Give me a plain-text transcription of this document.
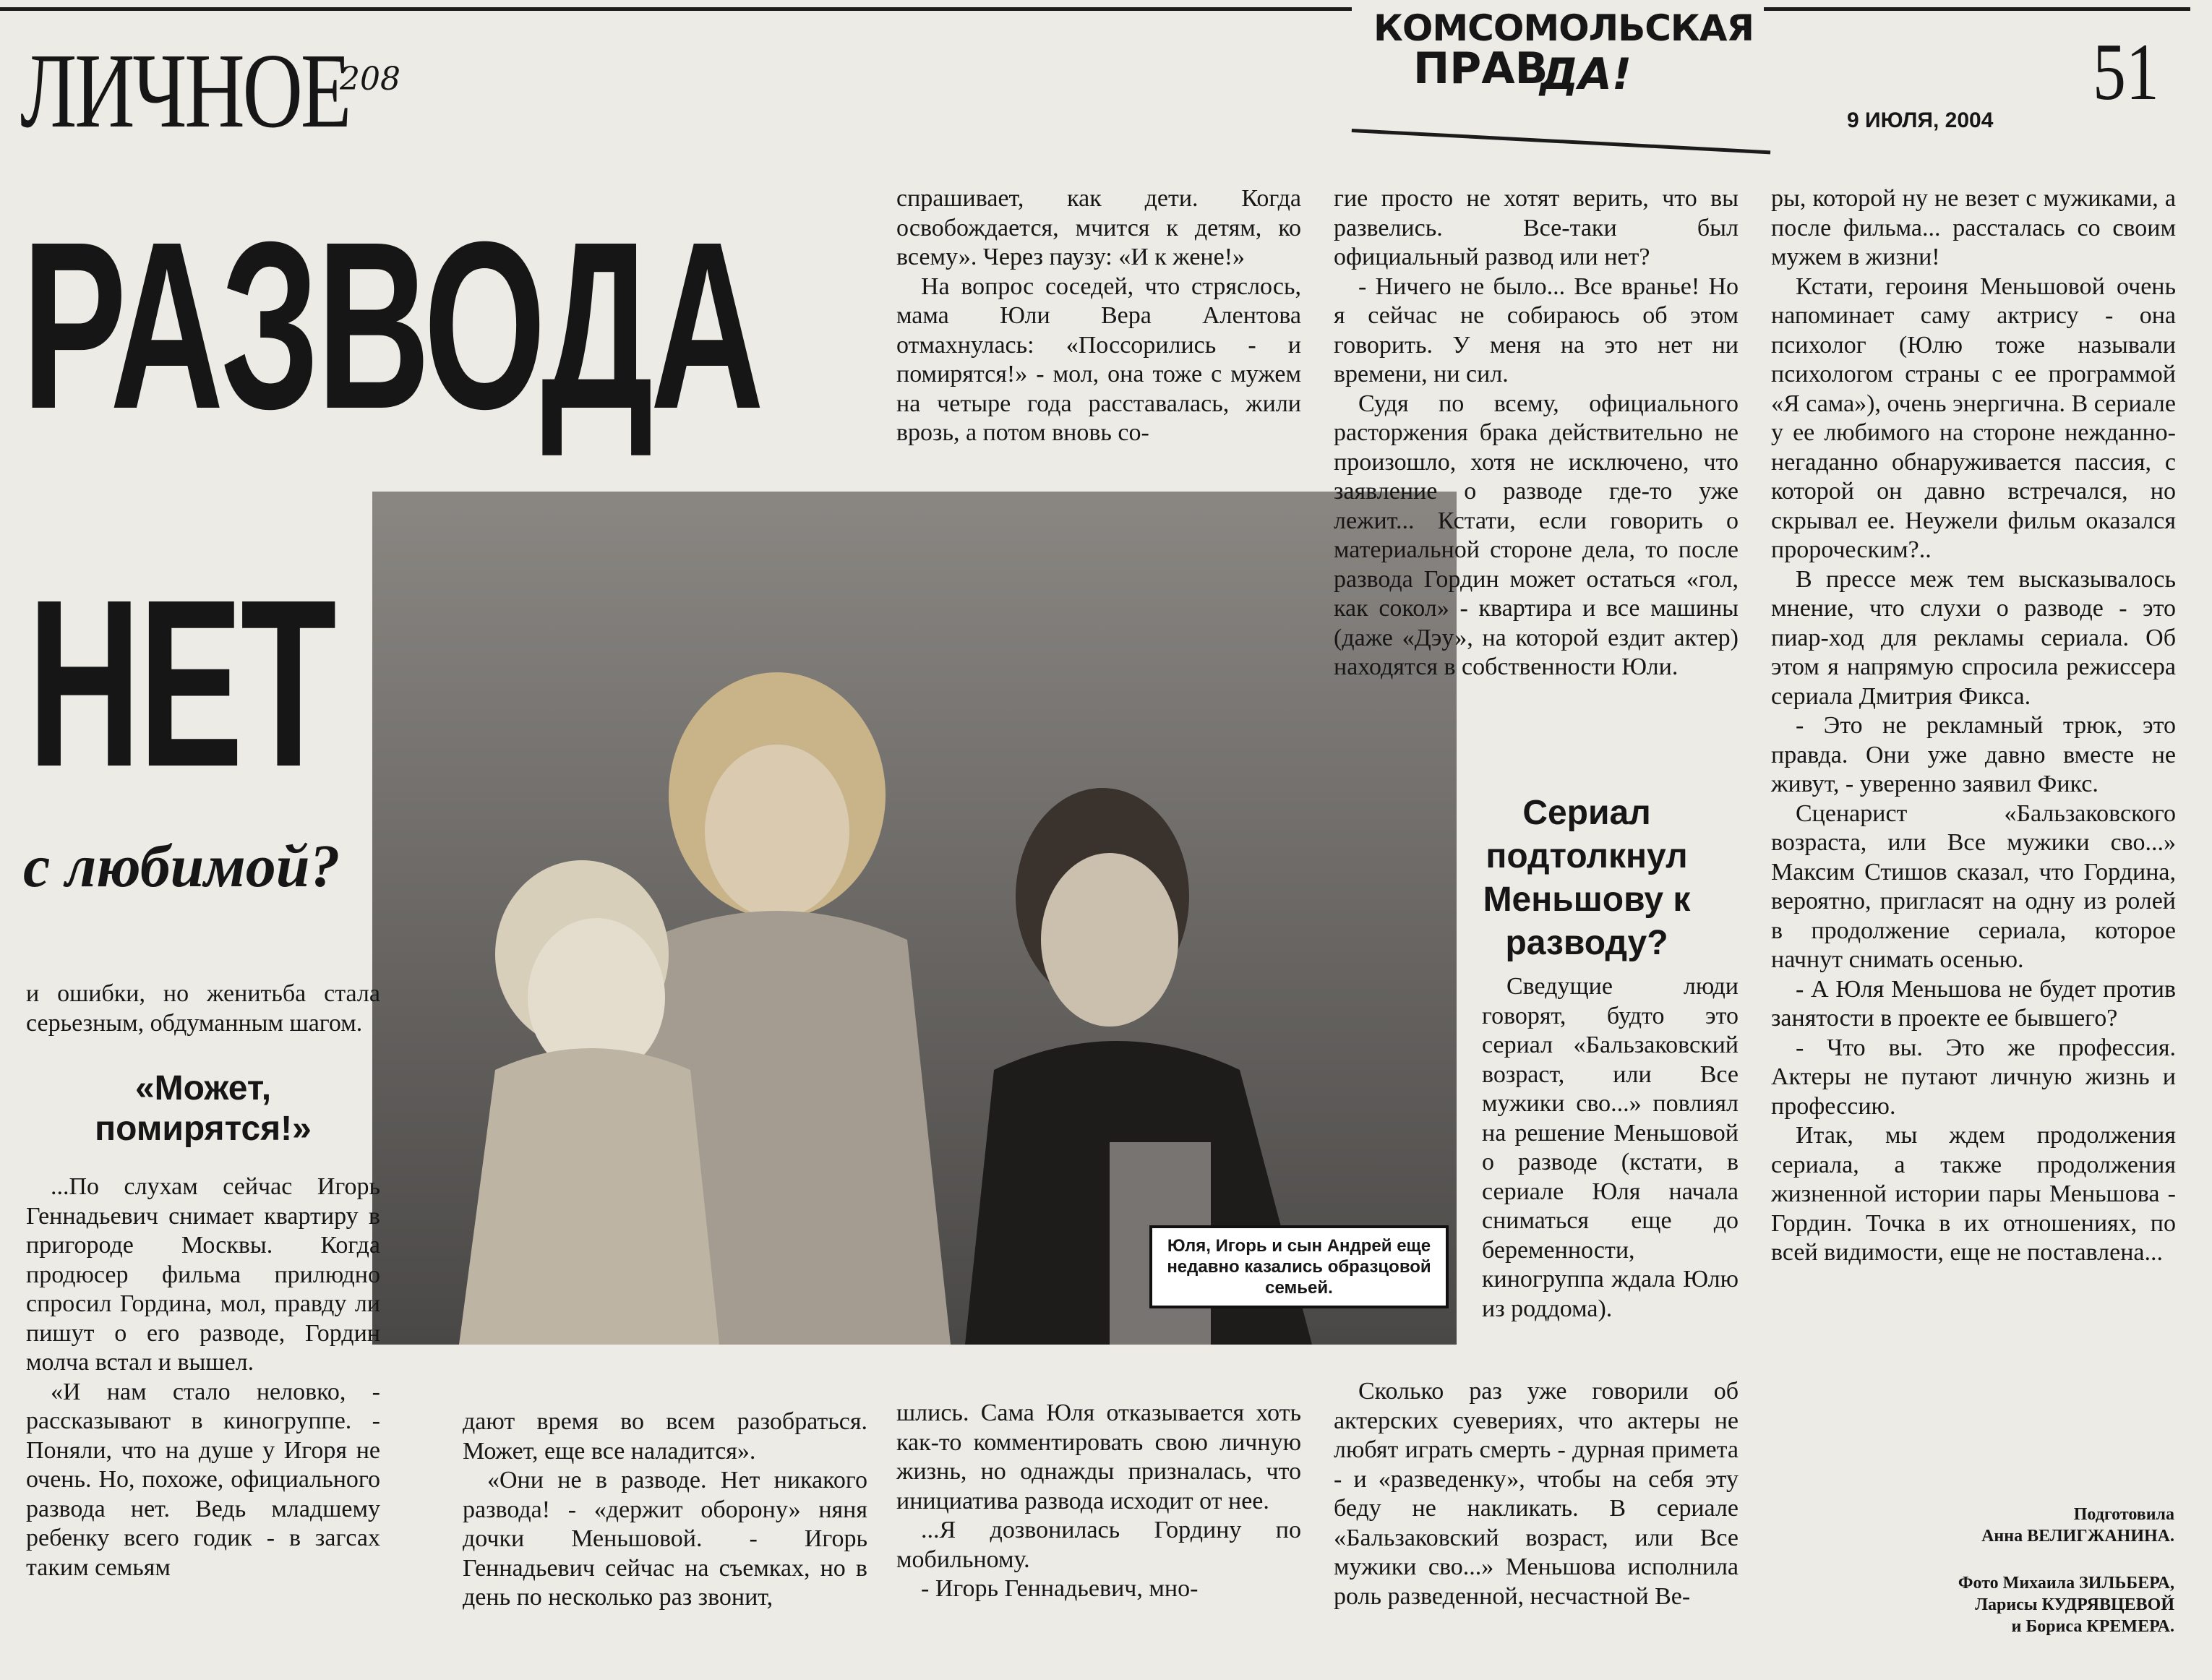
ЛИЧНОЕ
208
КОМСОМОЛЬСКАЯ
ПРАВ
ДА!
9 ИЮЛЯ, 2004
51
РАЗВОДА
НЕТ
с любимой?
Юля, Игорь и сын Андрей еще недавно казались образцовой семьей.

и ошибки, но женитьба стала серьезным, обдуманным шагом.

«Может, помирятся!»

...По слухам сейчас Игорь Геннадьевич снимает квартиру в пригороде Москвы. Когда продюсер фильма прилюдно спросил Гордина, мол, правду ли пишут о его разводе, Гордин молча встал и вышел.

«И нам стало неловко, - рассказывают в киногруппе. - Поняли, что на душе у Игоря не очень. Но, похоже, официального развода нет. Ведь младшему ребенку всего годик - в загсах таким семьям

дают время во всем разобраться. Может, еще все наладится».

«Они не в разводе. Нет никакого развода! - «держит оборону» няня дочки Меньшовой. - Игорь Геннадьевич сейчас на съемках, но в день по несколько раз звонит,

спрашивает, как дети. Когда освобождается, мчится к детям, ко всему». Через паузу: «И к жене!»

На вопрос соседей, что стряслось, мама Юли Вера Алентова отмахнулась: «Поссорились - и помирятся!» - мол, она тоже с мужем на четыре года расставалась, жили врозь, а потом вновь со-

шлись. Сама Юля отказывается хоть как-то комментировать свою личную жизнь, но однажды призналась, что инициатива развода исходит от нее.

...Я дозвонилась Гордину по мобильному.

- Игорь Геннадьевич, мно-

гие просто не хотят верить, что вы развелись. Все-таки был официальный развод или нет?

- Ничего не было... Все вранье! Но я сейчас не собираюсь об этом говорить. У меня на это нет ни времени, ни сил.

Судя по всему, официального расторжения брака действительно не произошло, хотя не исключено, что заявление о разводе где-то уже лежит... Кстати, если говорить о материальной стороне дела, то после развода Гордин может остаться «гол, как сокол» - квартира и все машины (даже «Дэу», на которой ездит актер) находятся в собственности Юли.

Сериал подтолкнул Меньшову к разводу?

Сведущие люди говорят, будто это сериал «Бальзаковский возраст, или Все мужики сво...» повлиял на решение Меньшовой о разводе (кстати, в сериале Юля начала сниматься еще до беременности, киногруппа ждала Юлю из роддома).

Сколько раз уже говорили об актерских суевериях, что актеры не любят играть смерть - дурная примета - и «разведенку», чтобы на себя эту беду не накликать. В сериале «Бальзаковский возраст, или Все мужики сво...» Меньшова исполнила роль разведенной, несчастной Ве-

ры, которой ну не везет с мужиками, а после фильма... рассталась со своим мужем в жизни!

Кстати, героиня Меньшовой очень напоминает саму актрису - она психолог (Юлю тоже называли психологом страны с ее программой «Я сама»), очень энергична. В сериале у ее любимого на стороне нежданно-негаданно обнаруживается пассия, с которой он давно встречался, но скрывал ее. Неужели фильм оказался пророческим?..

В прессе меж тем высказывалось мнение, что слухи о разводе - это пиар-ход для рекламы сериала. Об этом я напрямую спросила режиссера сериала Дмитрия Фикса.

- Это не рекламный трюк, это правда. Они уже давно вместе не живут, - уверенно заявил Фикс.

Сценарист «Бальзаковского возраста, или Все мужики сво...» Максим Стишов сказал, что Гордина, вероятно, пригласят на одну из ролей в продолжение сериала, которое начнут снимать осенью.

- А Юля Меньшова не будет против занятости в проекте ее бывшего?

- Что вы. Это же профессия. Актеры не путают личную жизнь и профессию.

Итак, мы ждем продолжения сериала, а также продолжения жизненной истории пары Меньшова - Гордин. Точка в их отношениях, по всей видимости, еще не поставлена...

Подготовила
Анна ВЕЛИГЖАНИНА.
Фото Михаила ЗИЛЬБЕРА,
Ларисы КУДРЯВЦЕВОЙ
и Бориса КРЕМЕРА.
